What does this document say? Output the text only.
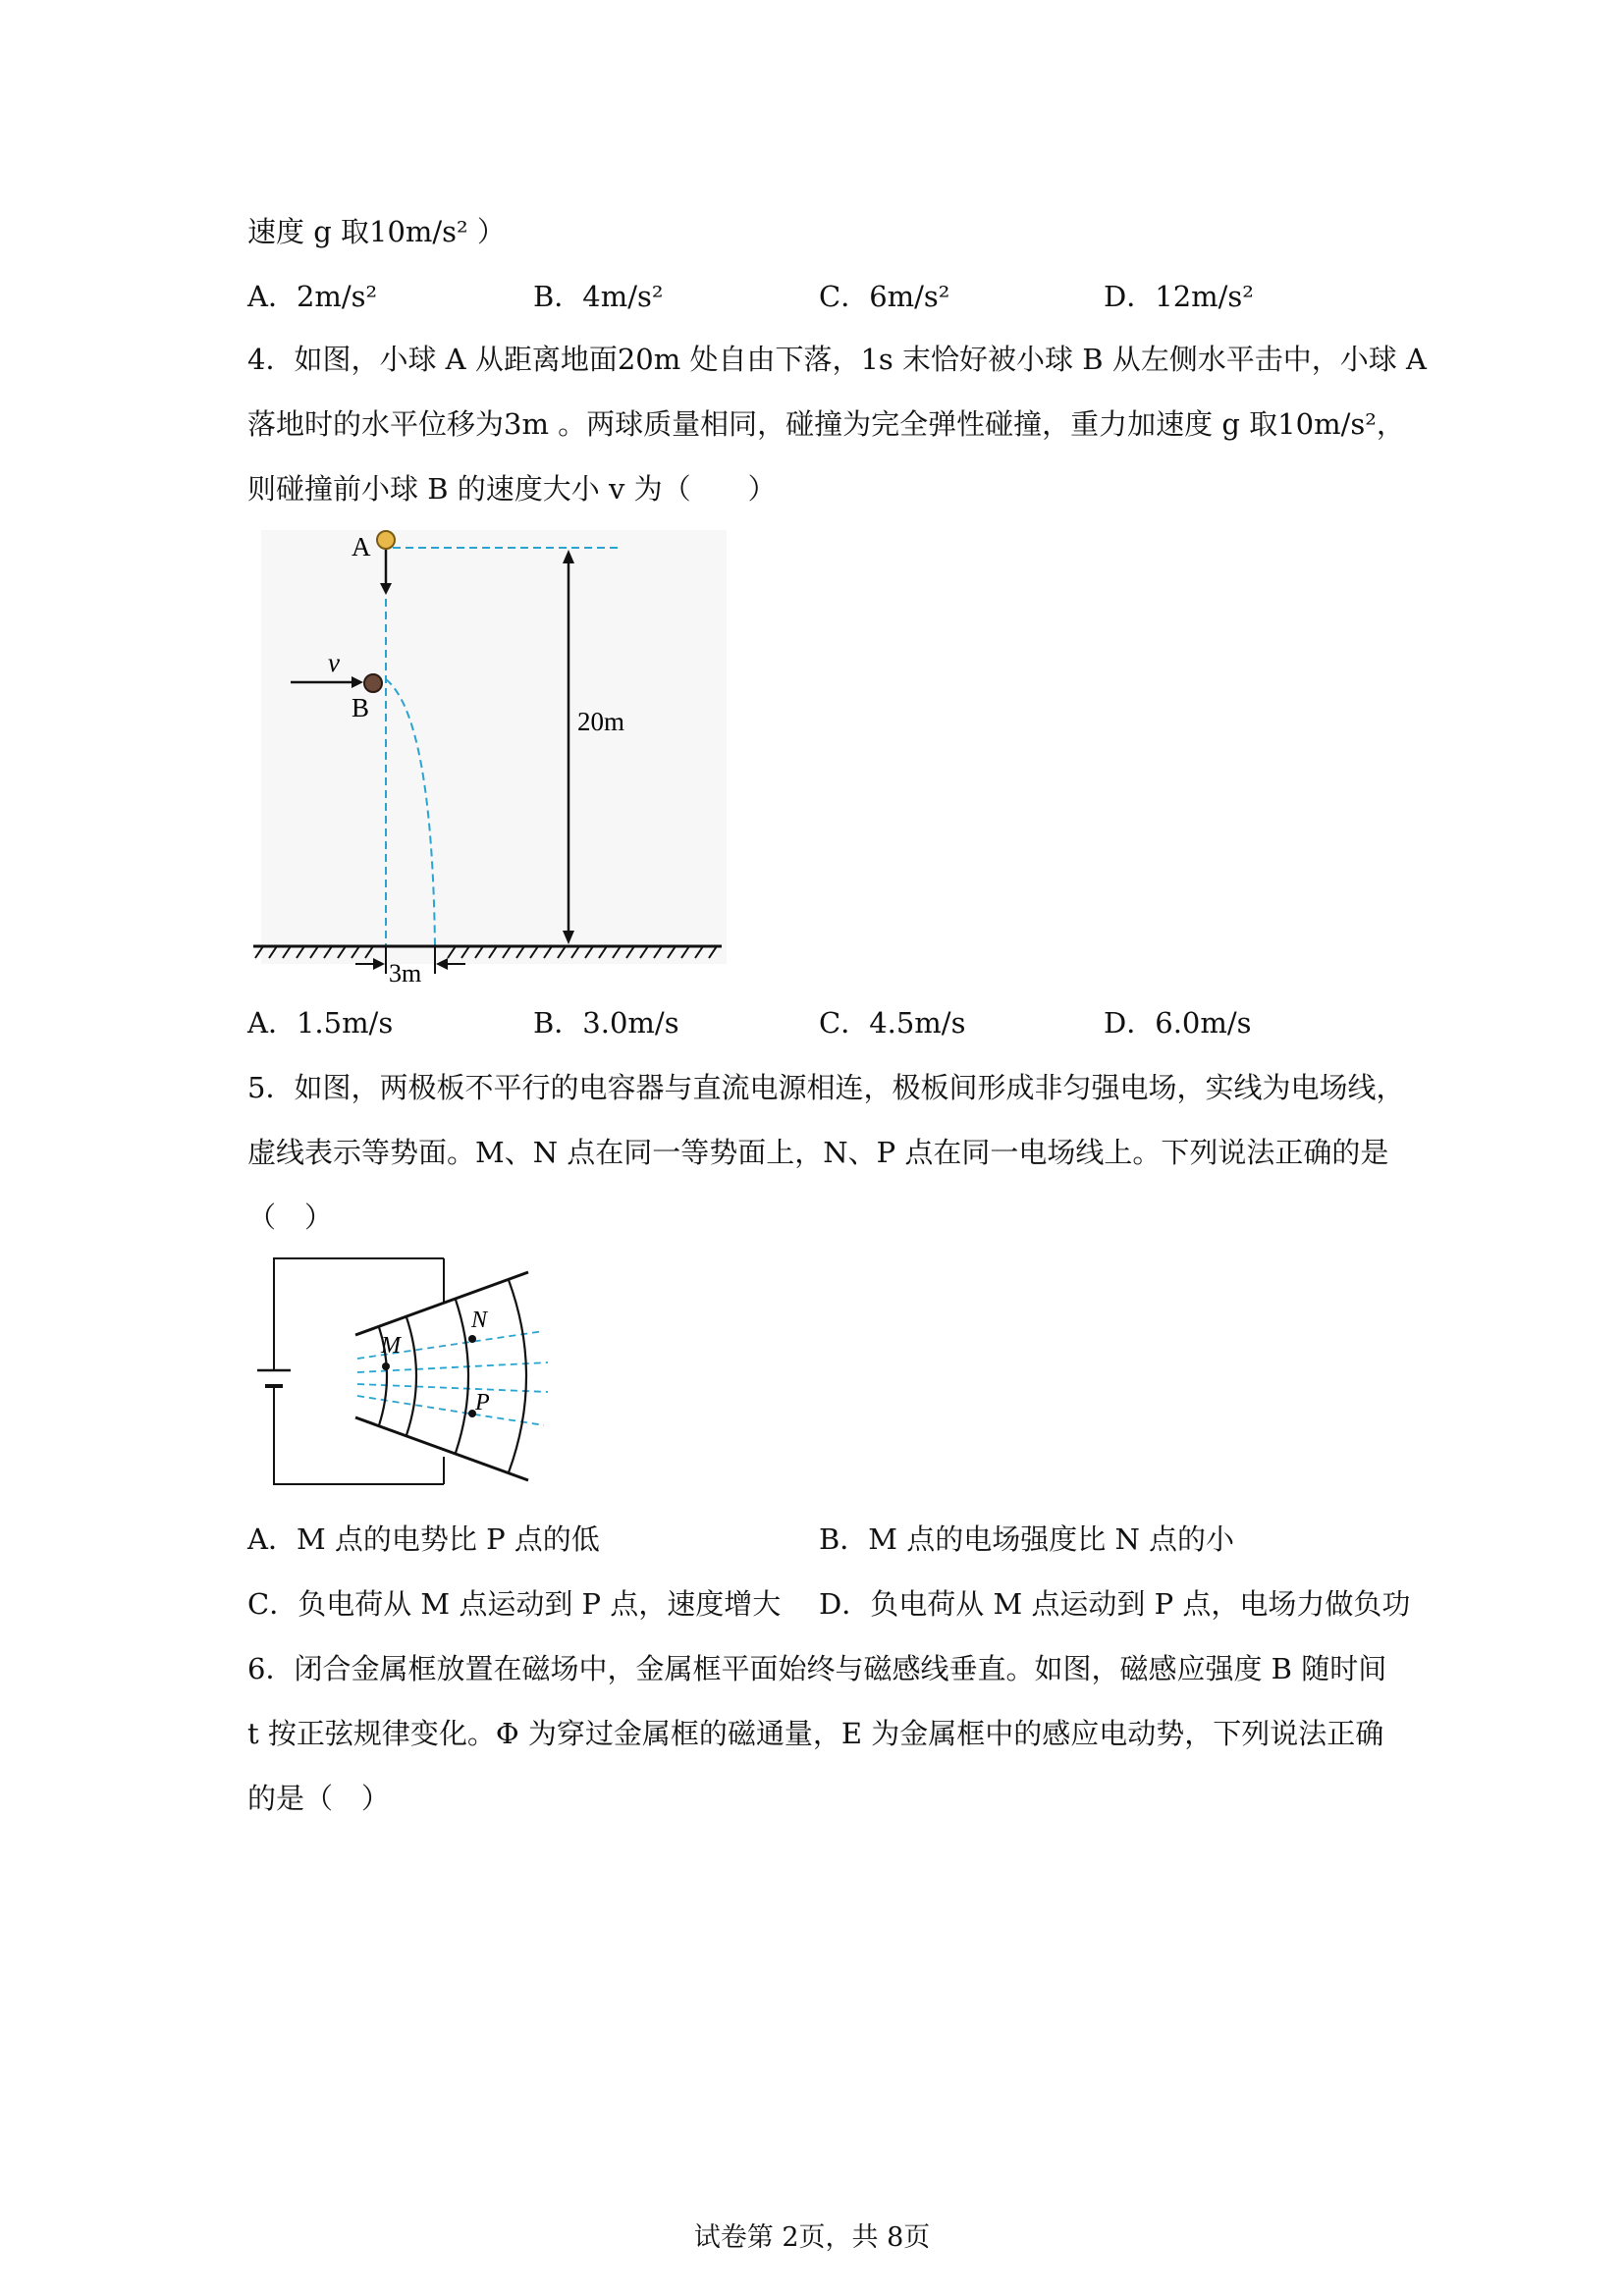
速度 g 取10m/s² ）
A．2m/s²	B．4m/s²	C．6m/s²	D．12m/s²
4．如图，小球 A 从距离地面20m 处自由下落，1s 末恰好被小球 B 从左侧水平击中，小球 A
落地时的水平位移为3m 。两球质量相同，碰撞为完全弹性碰撞，重力加速度 g 取10m/s²，
则碰撞前小球 B 的速度大小 v 为（　　）
A
v
B	20m
3m
A．1.5m/s	B．3.0m/s	C．4.5m/s	D．6.0m/s
5．如图，两极板不平行的电容器与直流电源相连，极板间形成非匀强电场，实线为电场线，
虚线表示等势面。M、N 点在同一等势面上，N、P 点在同一电场线上。下列说法正确的是
（　）
M
N
P
A．M 点的电势比 P 点的低	B．M 点的电场强度比 N 点的小
C．负电荷从 M 点运动到 P 点，速度增大 D．负电荷从 M 点运动到 P 点，电场力做负功
6．闭合金属框放置在磁场中，金属框平面始终与磁感线垂直。如图，磁感应强度 B 随时间
t 按正弦规律变化。Φ 为穿过金属框的磁通量，E 为金属框中的感应电动势，下列说法正确
的是（　）
试卷第 2页，共 8页
